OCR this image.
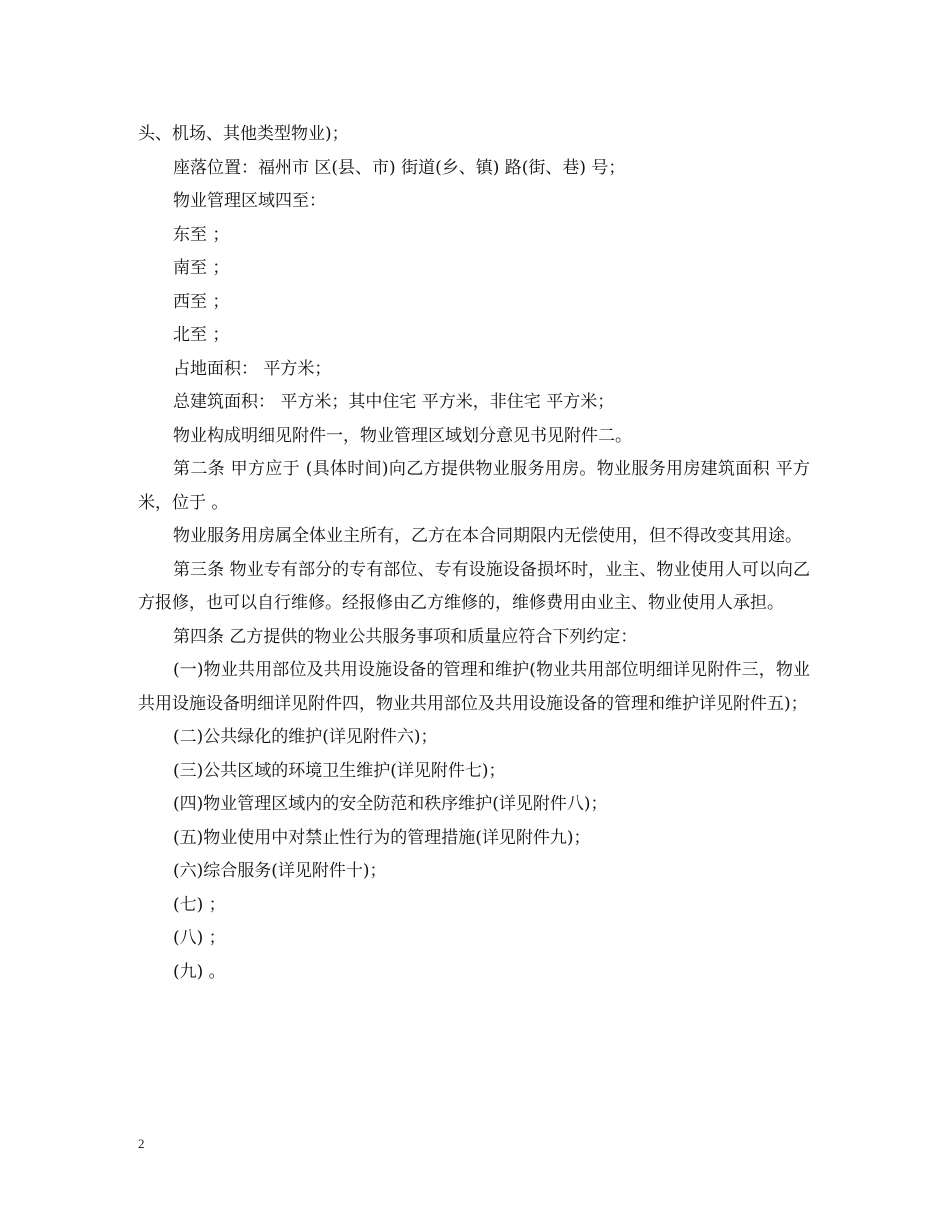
头、机场、其他类型物业)；

座落位置：福州市 区(县、市) 街道(乡、镇) 路(街、巷) 号；

物业管理区域四至：

东至 ；

南至 ；

西至 ；

北至 ；

占地面积： 平方米；

总建筑面积： 平方米；其中住宅 平方米，非住宅 平方米；

物业构成明细见附件一，物业管理区域划分意见书见附件二。

第二条 甲方应于 (具体时间)向乙方提供物业服务用房。物业服务用房建筑面积 平方米，位于 。

物业服务用房属全体业主所有，乙方在本合同期限内无偿使用，但不得改变其用途。

第三条 物业专有部分的专有部位、专有设施设备损坏时，业主、物业使用人可以向乙方报修，也可以自行维修。经报修由乙方维修的，维修费用由业主、物业使用人承担。

第四条 乙方提供的物业公共服务事项和质量应符合下列约定：

(一)物业共用部位及共用设施设备的管理和维护(物业共用部位明细详见附件三，物业共用设施设备明细详见附件四，物业共用部位及共用设施设备的管理和维护详见附件五)；

(二)公共绿化的维护(详见附件六)；

(三)公共区域的环境卫生维护(详见附件七)；

(四)物业管理区域内的安全防范和秩序维护(详见附件八)；

(五)物业使用中对禁止性行为的管理措施(详见附件九)；

(六)综合服务(详见附件十)；

(七) ；

(八) ；

(九) 。

2
